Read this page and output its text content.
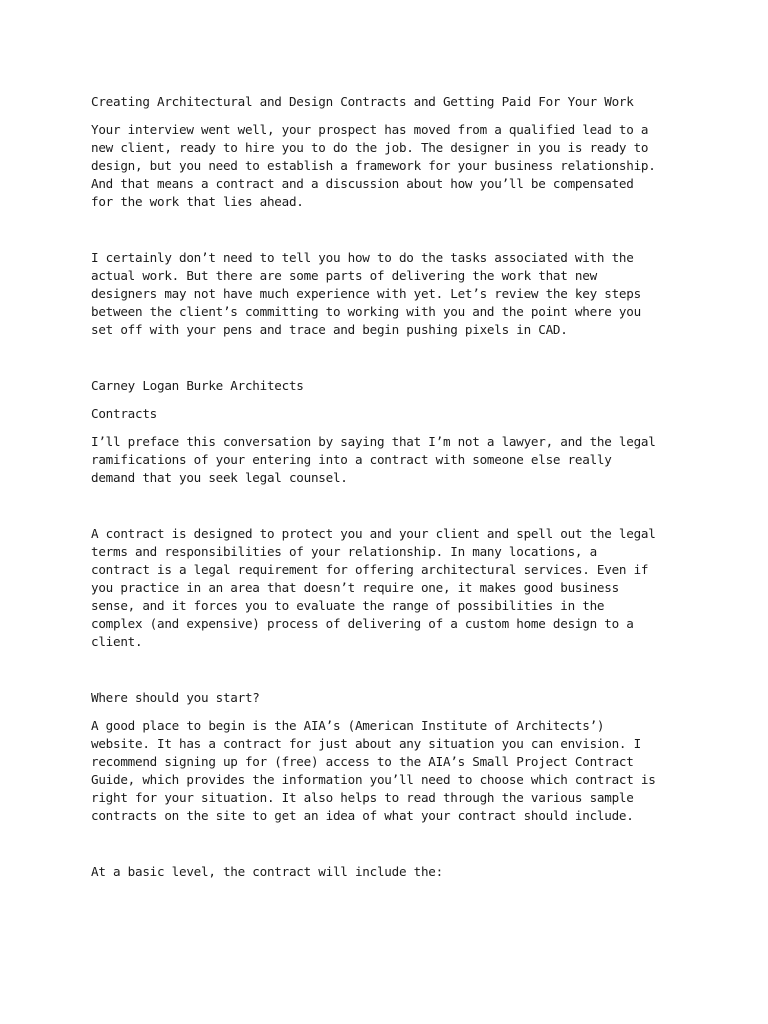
Creating Architectural and Design Contracts and Getting Paid For Your Work

Your interview went well, your prospect has moved from a qualified lead to a
new client, ready to hire you to do the job. The designer in you is ready to
design, but you need to establish a framework for your business relationship.
And that means a contract and a discussion about how you’ll be compensated
for the work that lies ahead.

I certainly don’t need to tell you how to do the tasks associated with the
actual work. But there are some parts of delivering the work that new
designers may not have much experience with yet. Let’s review the key steps
between the client’s committing to working with you and the point where you
set off with your pens and trace and begin pushing pixels in CAD.

Carney Logan Burke Architects

Contracts

I’ll preface this conversation by saying that I’m not a lawyer, and the legal
ramifications of your entering into a contract with someone else really
demand that you seek legal counsel.

A contract is designed to protect you and your client and spell out the legal
terms and responsibilities of your relationship. In many locations, a
contract is a legal requirement for offering architectural services. Even if
you practice in an area that doesn’t require one, it makes good business
sense, and it forces you to evaluate the range of possibilities in the
complex (and expensive) process of delivering of a custom home design to a
client.

Where should you start?

A good place to begin is the AIA’s (American Institute of Architects’)
website. It has a contract for just about any situation you can envision. I
recommend signing up for (free) access to the AIA’s Small Project Contract
Guide, which provides the information you’ll need to choose which contract is
right for your situation. It also helps to read through the various sample
contracts on the site to get an idea of what your contract should include.

At a basic level, the contract will include the:
